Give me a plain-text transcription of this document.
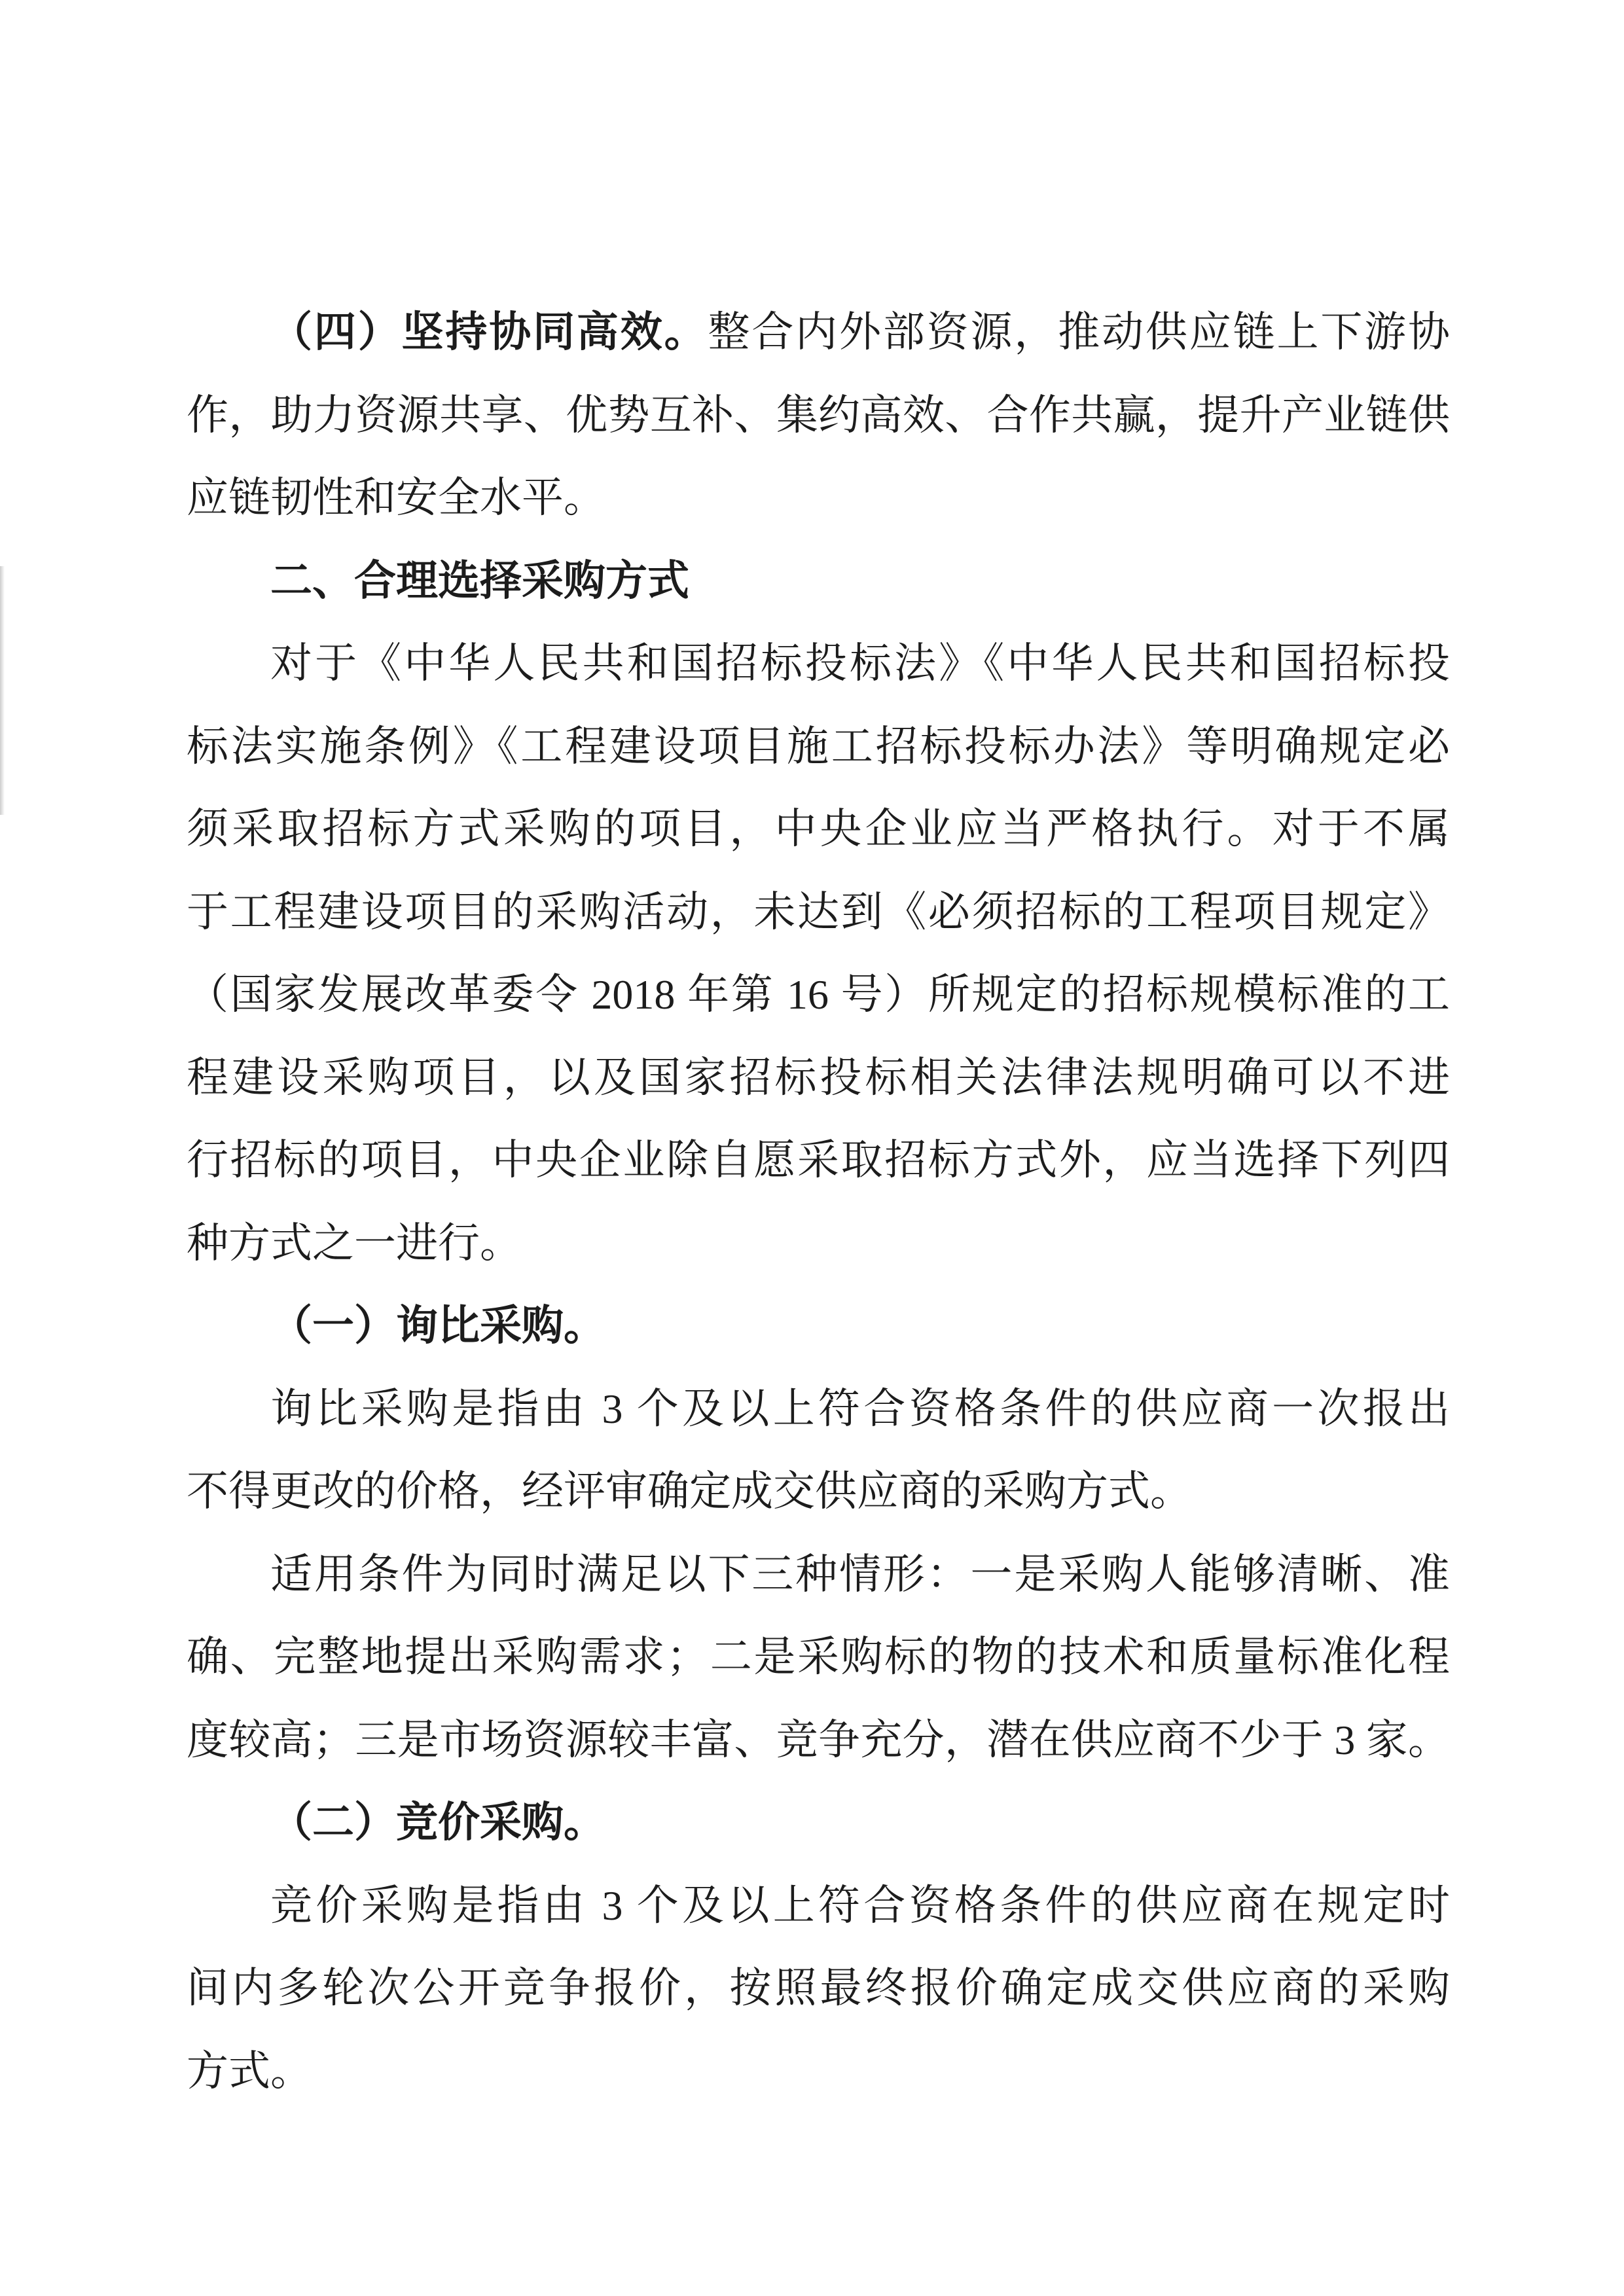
（四）坚持协同高效。整合内外部资源，推动供应链上下游协
作，助力资源共享、优势互补、集约高效、合作共赢，提升产业链供
应链韧性和安全水平。
二、合理选择采购方式
对于《中华人民共和国招标投标法》《中华人民共和国招标投
标法实施条例》《工程建设项目施工招标投标办法》等明确规定必
须采取招标方式采购的项目，中央企业应当严格执行。对于不属
于工程建设项目的采购活动，未达到《必须招标的工程项目规定》
（国家发展改革委令 2018 年第 16 号）所规定的招标规模标准的工
程建设采购项目，以及国家招标投标相关法律法规明确可以不进
行招标的项目，中央企业除自愿采取招标方式外，应当选择下列四
种方式之一进行。
（一）询比采购。
询比采购是指由 3 个及以上符合资格条件的供应商一次报出
不得更改的价格，经评审确定成交供应商的采购方式。
适用条件为同时满足以下三种情形：一是采购人能够清晰、准
确、完整地提出采购需求；二是采购标的物的技术和质量标准化程
度较高；三是市场资源较丰富、竞争充分，潜在供应商不少于 3 家。
（二）竞价采购。
竞价采购是指由 3 个及以上符合资格条件的供应商在规定时
间内多轮次公开竞争报价，按照最终报价确定成交供应商的采购
方式。
